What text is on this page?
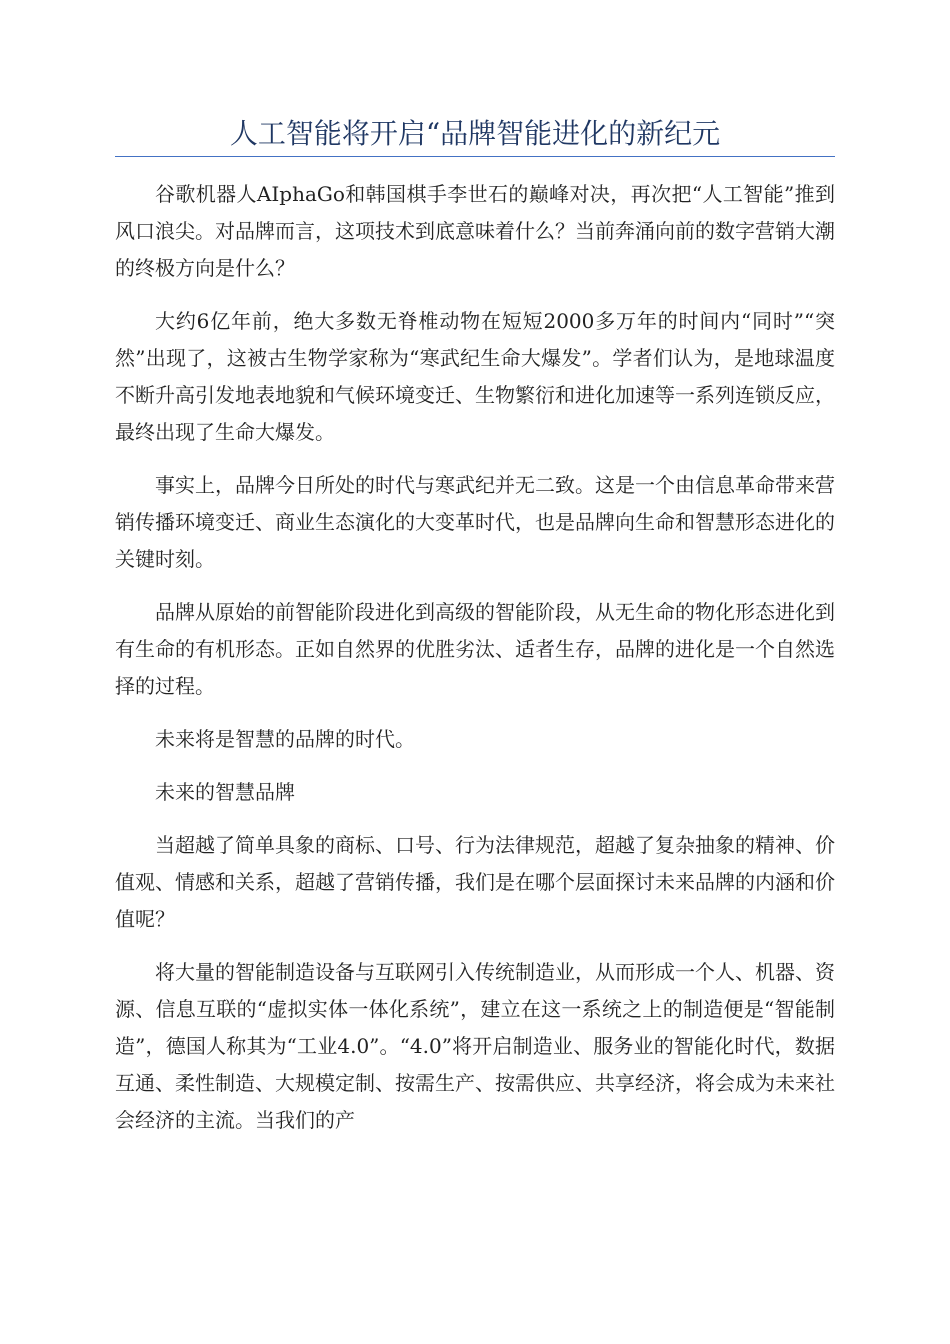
人工智能将开启“品牌智能进化的新纪元

谷歌机器人AIphaGo和韩国棋手李世石的巅峰对决，再次把“人工智能”推到风口浪尖。对品牌而言，这项技术到底意味着什么？当前奔涌向前的数字营销大潮的终极方向是什么？

大约6亿年前，绝大多数无脊椎动物在短短2000多万年的时间内“同时”“突然”出现了，这被古生物学家称为“寒武纪生命大爆发”。学者们认为，是地球温度不断升高引发地表地貌和气候环境变迁、生物繁衍和进化加速等一系列连锁反应，最终出现了生命大爆发。

事实上，品牌今日所处的时代与寒武纪并无二致。这是一个由信息革命带来营销传播环境变迁、商业生态演化的大变革时代，也是品牌向生命和智慧形态进化的关键时刻。

品牌从原始的前智能阶段进化到高级的智能阶段，从无生命的物化形态进化到有生命的有机形态。正如自然界的优胜劣汰、适者生存，品牌的进化是一个自然选择的过程。

未来将是智慧的品牌的时代。

未来的智慧品牌

当超越了简单具象的商标、口号、行为法律规范，超越了复杂抽象的精神、价值观、情感和关系，超越了营销传播，我们是在哪个层面探讨未来品牌的内涵和价值呢？

将大量的智能制造设备与互联网引入传统制造业，从而形成一个人、机器、资源、信息互联的“虚拟实体一体化系统”，建立在这一系统之上的制造便是“智能制造”，德国人称其为“工业4.0”。“4.0”将开启制造业、服务业的智能化时代，数据互通、柔性制造、大规模定制、按需生产、按需供应、共享经济，将会成为未来社会经济的主流。当我们的产
